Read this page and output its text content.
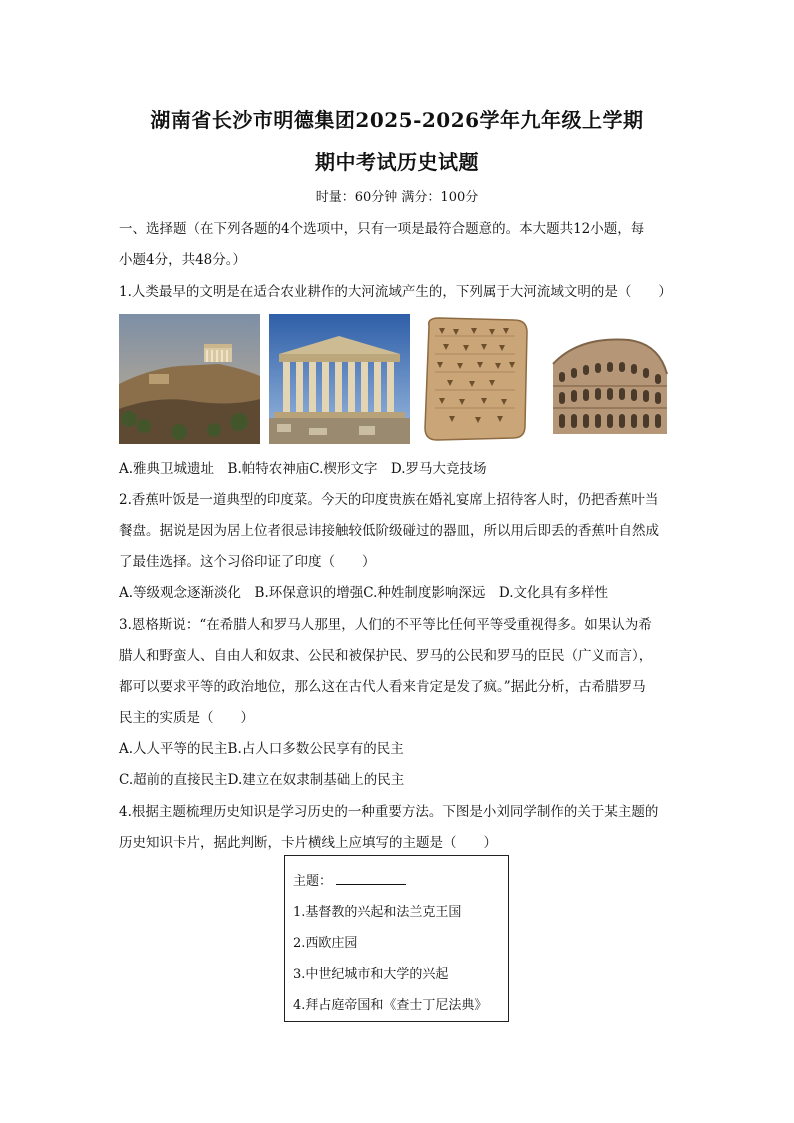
湖南省长沙市明德集团2025-2026学年九年级上学期
期中考试历史试题
时量：60分钟 满分：100分
一、选择题（在下列各题的4个选项中，只有一项是最符合题意的。本大题共12小题，每
小题4分，共48分。）
1.人类最早的文明是在适合农业耕作的大河流域产生的，下列属于大河流域文明的是（　　）
A.雅典卫城遗址　B.帕特农神庙C.楔形文字　D.罗马大竞技场
2.香蕉叶饭是一道典型的印度菜。今天的印度贵族在婚礼宴席上招待客人时，仍把香蕉叶当
餐盘。据说是因为居上位者很忌讳接触较低阶级碰过的器皿，所以用后即丢的香蕉叶自然成
了最佳选择。这个习俗印证了印度（　　）
A.等级观念逐渐淡化　B.环保意识的增强C.种姓制度影响深远　D.文化具有多样性
3.恩格斯说：“在希腊人和罗马人那里，人们的不平等比任何平等受重视得多。如果认为希
腊人和野蛮人、自由人和奴隶、公民和被保护民、罗马的公民和罗马的臣民（广义而言），
都可以要求平等的政治地位，那么这在古代人看来肯定是发了疯。”据此分析，古希腊罗马
民主的实质是（　　）
A.人人平等的民主B.占人口多数公民享有的民主
C.超前的直接民主D.建立在奴隶制基础上的民主
4.根据主题梳理历史知识是学习历史的一种重要方法。下图是小刘同学制作的关于某主题的
历史知识卡片，据此判断，卡片横线上应填写的主题是（　　）
主题：
1.基督教的兴起和法兰克王国
2.西欧庄园
3.中世纪城市和大学的兴起
4.拜占庭帝国和《查士丁尼法典》
